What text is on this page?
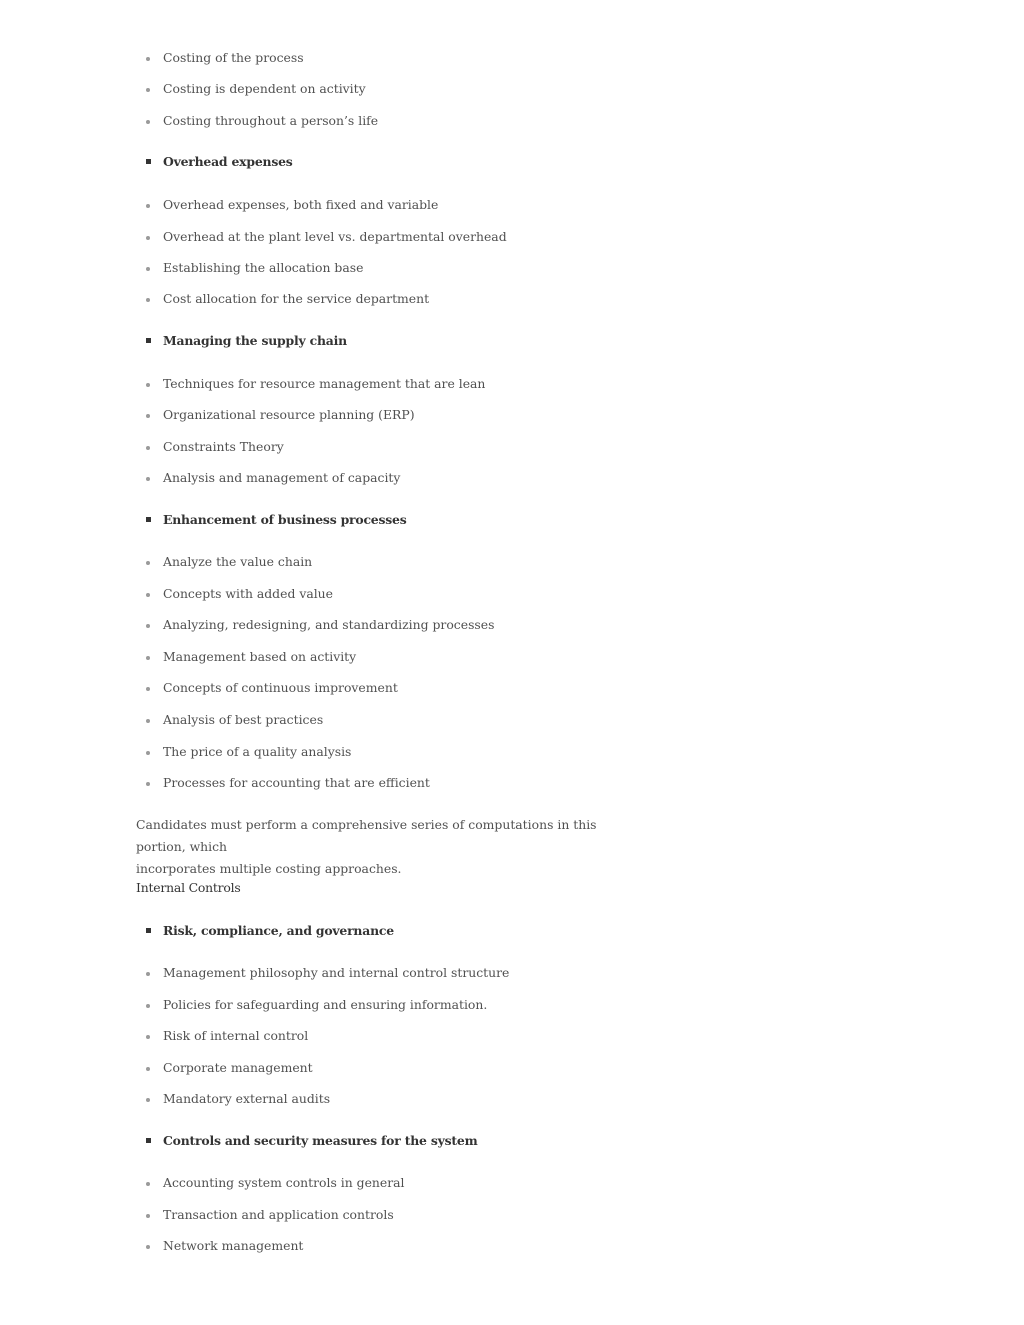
Costing of the process
Costing is dependent on activity
Costing throughout a person’s life
Overhead expenses
Overhead expenses, both fixed and variable
Overhead at the plant level vs. departmental overhead
Establishing the allocation base
Cost allocation for the service department
Managing the supply chain
Techniques for resource management that are lean
Organizational resource planning (ERP)
Constraints Theory
Analysis and management of capacity
Enhancement of business processes
Analyze the value chain
Concepts with added value
Analyzing, redesigning, and standardizing processes
Management based on activity
Concepts of continuous improvement
Analysis of best practices
The price of a quality analysis
Processes for accounting that are efficient
Candidates must perform a comprehensive series of computations in this portion, which
incorporates multiple costing approaches.
Internal Controls
Risk, compliance, and governance
Management philosophy and internal control structure
Policies for safeguarding and ensuring information.
Risk of internal control
Corporate management
Mandatory external audits
Controls and security measures for the system
Accounting system controls in general
Transaction and application controls
Network management
